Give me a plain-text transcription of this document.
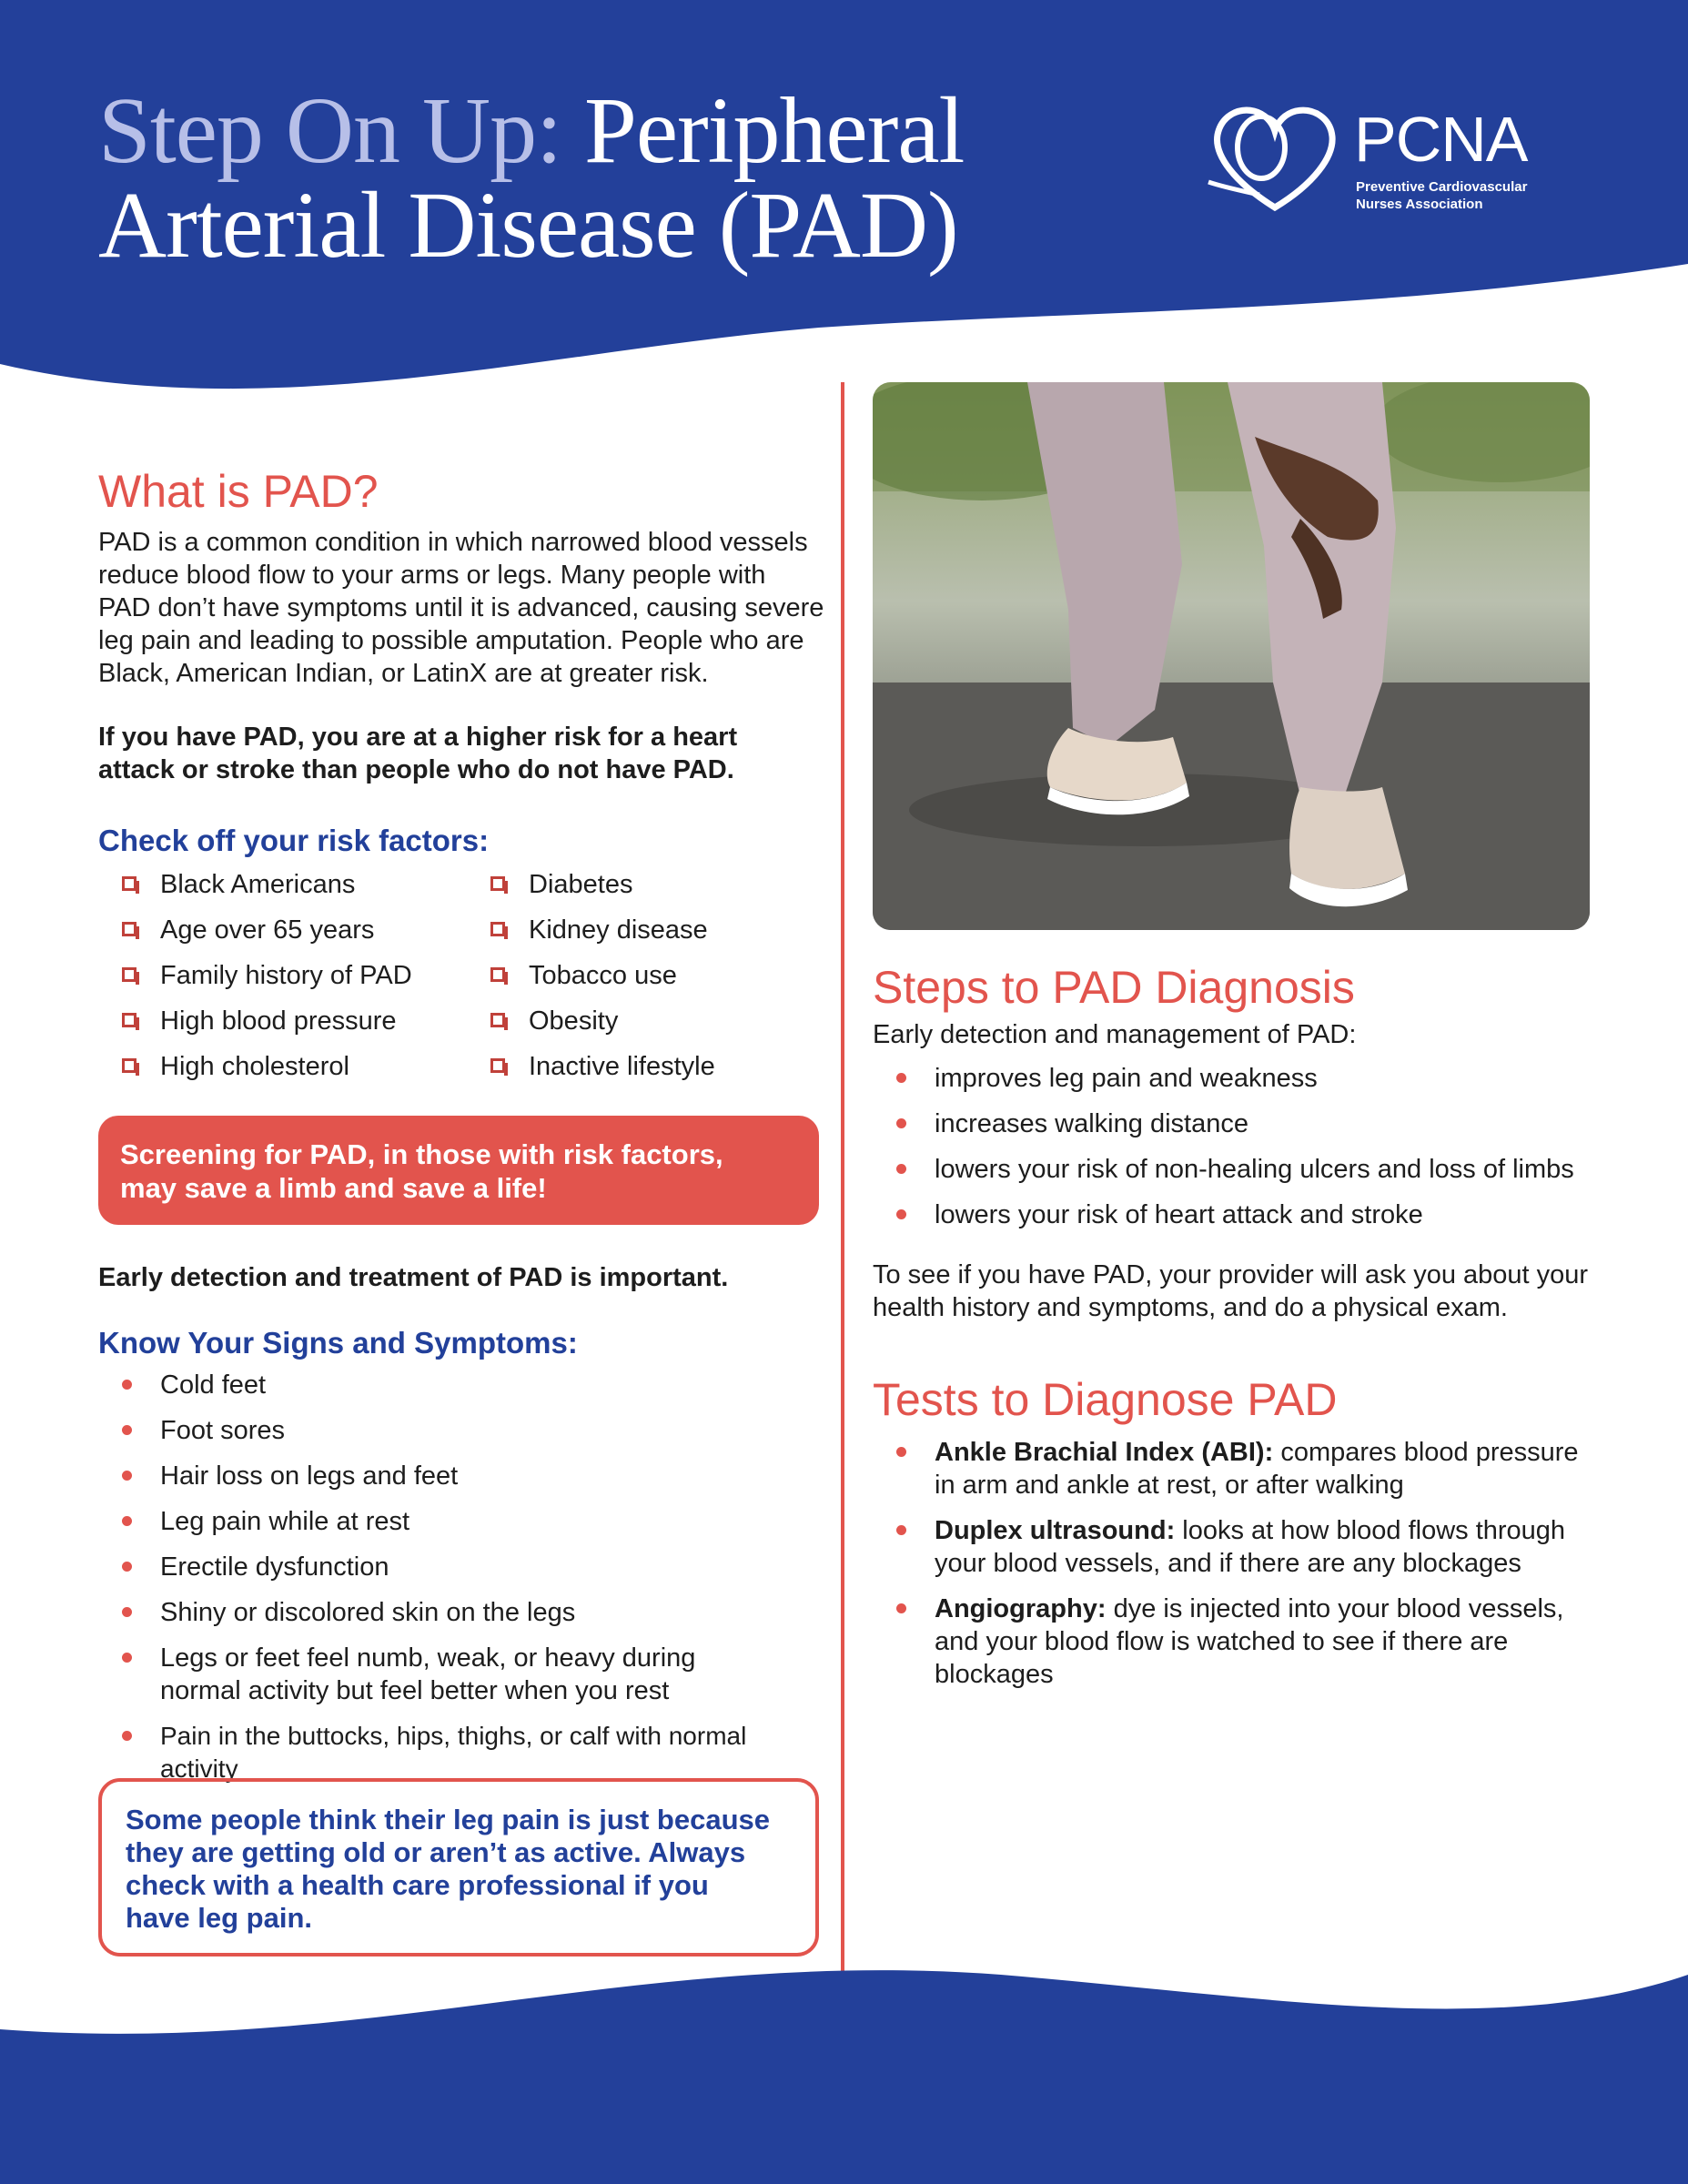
Step On Up: Peripheral
Arterial Disease (PAD)
PCNA
Preventive Cardiovascular
Nurses Association
What is PAD?

PAD is a common condition in which narrowed blood vessels

reduce blood flow to your arms or legs. Many people with

PAD don’t have symptoms until it is advanced, causing severe

leg pain and leading to possible amputation. People who are

Black, American Indian, or LatinX are at greater risk.

If you have PAD, you are at a higher risk for a heart

attack or stroke than people who do not have PAD.

Check off your risk factors:
Black Americans
Age over 65 years
Family history of PAD
High blood pressure
High cholesterol
Diabetes
Kidney disease
Tobacco use
Obesity
Inactive lifestyle
Screening for PAD, in those with risk factors,
may save a limb and save a life!

Early detection and treatment of PAD is important.

Know Your Signs and Symptoms:
Cold feet
Foot sores
Hair loss on legs and feet
Leg pain while at rest
Erectile dysfunction
Shiny or discolored skin on the legs
Legs or feet feel numb, weak, or heavy during normal activity but feel better when you rest
Pain in the buttocks, hips, thighs, or calf with normal activity
Some people think their leg pain is just because
they are getting old or aren’t as active. Always
check with a health care professional if you
have leg pain.
Steps to PAD Diagnosis

Early detection and management of PAD:

improves leg pain and weakness
increases walking distance
lowers your risk of non-healing ulcers and loss of limbs
lowers your risk of heart attack and stroke

To see if you have PAD, your provider will ask you about your

health history and symptoms, and do a physical exam.

Tests to Diagnose PAD
Ankle Brachial Index (ABI): compares blood pressure in arm and ankle at rest, or after walking
Duplex ultrasound: looks at how blood flows through your blood vessels, and if there are any blockages
Angiography: dye is injected into your blood vessels, and your blood flow is watched to see if there are blockages
